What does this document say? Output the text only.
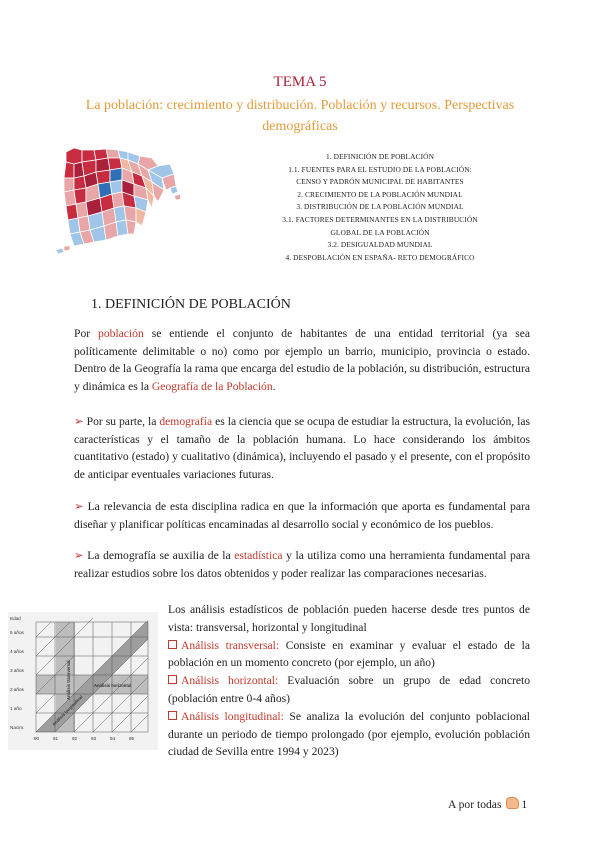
TEMA 5
La población: crecimiento y distribución. Población y recursos. Perspectivas demográficas
1. DEFINICIÓN DE POBLACIÓN
1.1. FUENTES PARA EL ESTUDIO DE LA POBLACIÓN:
CENSO Y PADRÓN MUNICIPAL DE HABITANTES
2. CRECIMIENTO DE LA POBLACIÓN MUNDIAL
3. DISTRIBUCIÓN DE LA POBLACIÓN MUNDIAL
3.1. FACTORES DETERMINANTES EN LA DISTRIBUCIÓN
GLOBAL DE LA POBLACIÓN
3.2. DESIGUALDAD MUNDIAL
4. DESPOBLACIÓN EN ESPAÑA- RETO DEMOGRÁFICO
1. DEFINICIÓN DE POBLACIÓN
Por población se entiende el conjunto de habitantes de una entidad territorial (ya sea políticamente delimitable o no) como por ejemplo un barrio, municipio, provincia o estado. Dentro de la Geografía la rama que encarga del estudio de la población, su distribución, estructura y dinámica es la Geografía de la Población.
➢ Por su parte, la demografía es la ciencia que se ocupa de estudiar la estructura, la evolución, las características y el tamaño de la población humana. Lo hace considerando los ámbitos cuantitativo (estado) y cualitativo (dinámica), incluyendo el pasado y el presente, con el propósito de anticipar eventuales variaciones futuras.
➢ La relevancia de esta disciplina radica en que la información que aporta es fundamental para diseñar y planificar políticas encaminadas al desarrollo social y económico de los pueblos.
➢ La demografía se auxilia de la estadística y la utiliza como una herramienta fundamental para realizar estudios sobre los datos obtenidos y poder realizar las comparaciones necesarias.
Edad
5 años
4 años
3 años
2 años
1 año
Nacim.
90	91	92	93	94	95
Análisis transversal	Análisis horizontal
Análisis longitudinal
Los análisis estadísticos de población pueden hacerse desde tres puntos de vista: transversal, horizontal y longitudinal
Análisis transversal: Consiste en examinar y evaluar el estado de la población en un momento concreto (por ejemplo, un año)
Análisis horizontal: Evaluación sobre un grupo de edad concreto (población entre 0-4 años)
Análisis longitudinal: Se analiza la evolución del conjunto poblacional durante un periodo de tiempo prolongado (por ejemplo, evolución población ciudad de Sevilla entre 1994 y 2023)
A por todas 1
